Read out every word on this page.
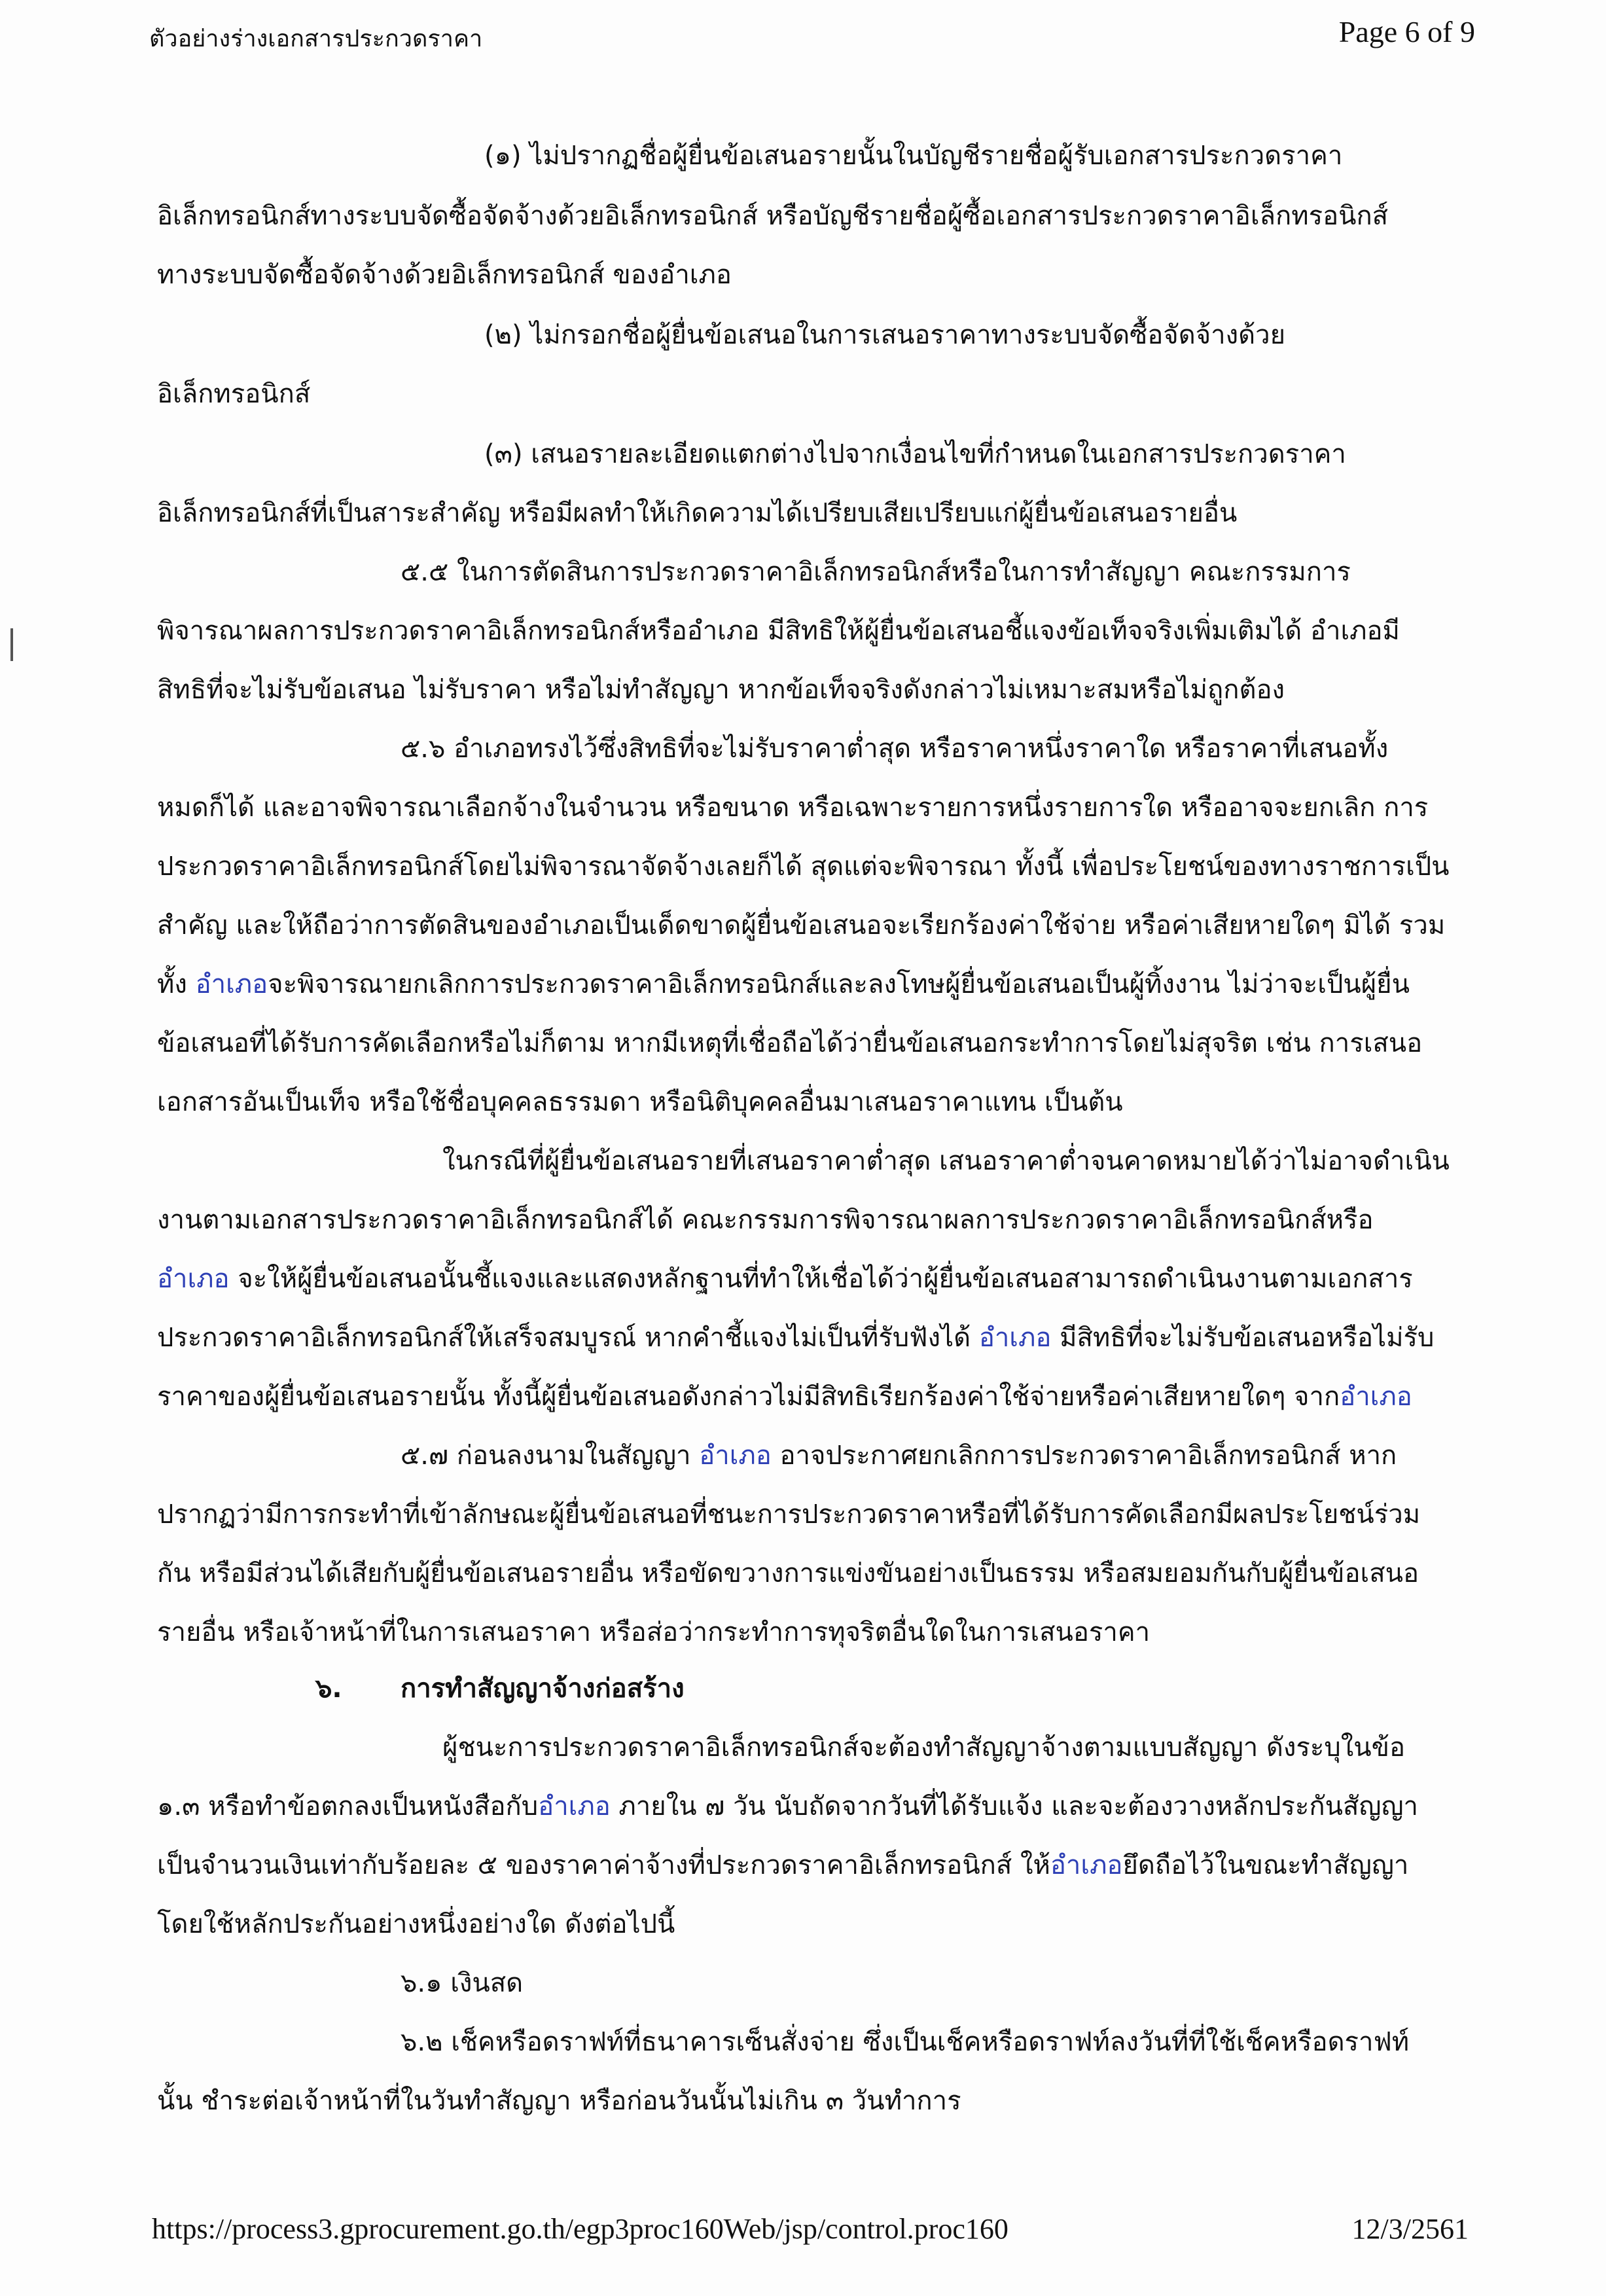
ตัวอย่างร่างเอกสารประกวดราคา	Page 6 of 9
(๑) ไม่ปรากฏชื่อผู้ยื่นข้อเสนอรายนั้นในบัญชีรายชื่อผู้รับเอกสารประกวดราคา
อิเล็กทรอนิกส์ทางระบบจัดซื้อจัดจ้างด้วยอิเล็กทรอนิกส์ หรือบัญชีรายชื่อผู้ซื้อเอกสารประกวดราคาอิเล็กทรอนิกส์
ทางระบบจัดซื้อจัดจ้างด้วยอิเล็กทรอนิกส์ ของอำเภอ
(๒) ไม่กรอกชื่อผู้ยื่นข้อเสนอในการเสนอราคาทางระบบจัดซื้อจัดจ้างด้วย
อิเล็กทรอนิกส์
(๓) เสนอรายละเอียดแตกต่างไปจากเงื่อนไขที่กำหนดในเอกสารประกวดราคา
อิเล็กทรอนิกส์ที่เป็นสาระสำคัญ หรือมีผลทำให้เกิดความได้เปรียบเสียเปรียบแก่ผู้ยื่นข้อเสนอรายอื่น
๕.๕ ในการตัดสินการประกวดราคาอิเล็กทรอนิกส์หรือในการทำสัญญา คณะกรรมการ
พิจารณาผลการประกวดราคาอิเล็กทรอนิกส์หรืออำเภอ มีสิทธิให้ผู้ยื่นข้อเสนอชี้แจงข้อเท็จจริงเพิ่มเติมได้ อำเภอมี
สิทธิที่จะไม่รับข้อเสนอ ไม่รับราคา หรือไม่ทำสัญญา หากข้อเท็จจริงดังกล่าวไม่เหมาะสมหรือไม่ถูกต้อง
๕.๖ อำเภอทรงไว้ซึ่งสิทธิที่จะไม่รับราคาต่ำสุด หรือราคาหนึ่งราคาใด หรือราคาที่เสนอทั้ง
หมดก็ได้ และอาจพิจารณาเลือกจ้างในจำนวน หรือขนาด หรือเฉพาะรายการหนึ่งรายการใด หรืออาจจะยกเลิก การ
ประกวดราคาอิเล็กทรอนิกส์โดยไม่พิจารณาจัดจ้างเลยก็ได้ สุดแต่จะพิจารณา ทั้งนี้ เพื่อประโยชน์ของทางราชการเป็น
สำคัญ และให้ถือว่าการตัดสินของอำเภอเป็นเด็ดขาดผู้ยื่นข้อเสนอจะเรียกร้องค่าใช้จ่าย หรือค่าเสียหายใดๆ มิได้ รวม
ทั้ง อำเภอจะพิจารณายกเลิกการประกวดราคาอิเล็กทรอนิกส์และลงโทษผู้ยื่นข้อเสนอเป็นผู้ทิ้งงาน ไม่ว่าจะเป็นผู้ยื่น
ข้อเสนอที่ได้รับการคัดเลือกหรือไม่ก็ตาม หากมีเหตุที่เชื่อถือได้ว่ายื่นข้อเสนอกระทำการโดยไม่สุจริต เช่น การเสนอ
เอกสารอันเป็นเท็จ หรือใช้ชื่อบุคคลธรรมดา หรือนิติบุคคลอื่นมาเสนอราคาแทน เป็นต้น
ในกรณีที่ผู้ยื่นข้อเสนอรายที่เสนอราคาต่ำสุด เสนอราคาต่ำจนคาดหมายได้ว่าไม่อาจดำเนิน
งานตามเอกสารประกวดราคาอิเล็กทรอนิกส์ได้ คณะกรรมการพิจารณาผลการประกวดราคาอิเล็กทรอนิกส์หรือ
อำเภอ จะให้ผู้ยื่นข้อเสนอนั้นชี้แจงและแสดงหลักฐานที่ทำให้เชื่อได้ว่าผู้ยื่นข้อเสนอสามารถดำเนินงานตามเอกสาร
ประกวดราคาอิเล็กทรอนิกส์ให้เสร็จสมบูรณ์ หากคำชี้แจงไม่เป็นที่รับฟังได้ อำเภอ มีสิทธิที่จะไม่รับข้อเสนอหรือไม่รับ
ราคาของผู้ยื่นข้อเสนอรายนั้น ทั้งนี้ผู้ยื่นข้อเสนอดังกล่าวไม่มีสิทธิเรียกร้องค่าใช้จ่ายหรือค่าเสียหายใดๆ จากอำเภอ
๕.๗ ก่อนลงนามในสัญญา อำเภอ อาจประกาศยกเลิกการประกวดราคาอิเล็กทรอนิกส์ หาก
ปรากฏว่ามีการกระทำที่เข้าลักษณะผู้ยื่นข้อเสนอที่ชนะการประกวดราคาหรือที่ได้รับการคัดเลือกมีผลประโยชน์ร่วม
กัน หรือมีส่วนได้เสียกับผู้ยื่นข้อเสนอรายอื่น หรือขัดขวางการแข่งขันอย่างเป็นธรรม หรือสมยอมกันกับผู้ยื่นข้อเสนอ
รายอื่น หรือเจ้าหน้าที่ในการเสนอราคา หรือส่อว่ากระทำการทุจริตอื่นใดในการเสนอราคา
๖. การทำสัญญาจ้างก่อสร้าง
ผู้ชนะการประกวดราคาอิเล็กทรอนิกส์จะต้องทำสัญญาจ้างตามแบบสัญญา ดังระบุในข้อ
๑.๓ หรือทำข้อตกลงเป็นหนังสือกับอำเภอ ภายใน ๗ วัน นับถัดจากวันที่ได้รับแจ้ง และจะต้องวางหลักประกันสัญญา
เป็นจำนวนเงินเท่ากับร้อยละ ๕ ของราคาค่าจ้างที่ประกวดราคาอิเล็กทรอนิกส์ ให้อำเภอยึดถือไว้ในขณะทำสัญญา
โดยใช้หลักประกันอย่างหนึ่งอย่างใด ดังต่อไปนี้
๖.๑ เงินสด
๖.๒ เช็คหรือดราฟท์ที่ธนาคารเซ็นสั่งจ่าย ซึ่งเป็นเช็คหรือดราฟท์ลงวันที่ที่ใช้เช็คหรือดราฟท์
นั้น ชำระต่อเจ้าหน้าที่ในวันทำสัญญา หรือก่อนวันนั้นไม่เกิน ๓ วันทำการ
https://process3.gprocurement.go.th/egp3proc160Web/jsp/control.proc160	12/3/2561
